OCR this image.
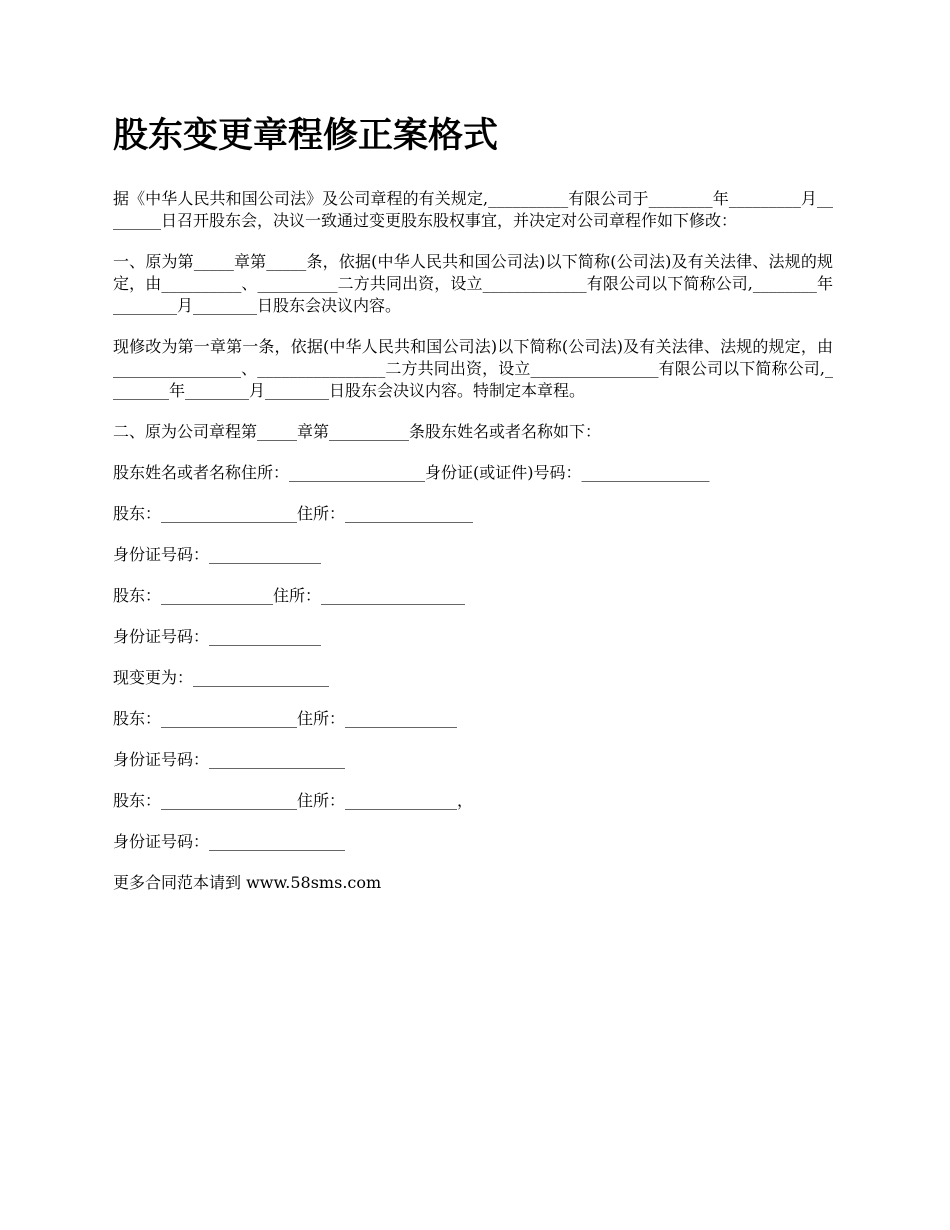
股东变更章程修正案格式

据《中华人民共和国公司法》及公司章程的有关规定,__________有限公司于________年_________月________日召开股东会，决议一致通过变更股东股权事宜，并决定对公司章程作如下修改：

一、原为第_____章第_____条，依据(中华人民共和国公司法)以下简称(公司法)及有关法律、法规的规定，由__________、__________二方共同出资，设立_____________有限公司以下简称公司,________年________月________日股东会决议内容。

现修改为第一章第一条，依据(中华人民共和国公司法)以下简称(公司法)及有关法律、法规的规定，由________________、________________二方共同出资，设立________________有限公司以下简称公司,________年________月________日股东会决议内容。特制定本章程。

二、原为公司章程第_____章第__________条股东姓名或者名称如下：

股东姓名或者名称住所：_________________身份证(或证件)号码：________________

股东：_________________住所：________________

身份证号码：______________

股东：______________住所：__________________

身份证号码：______________

现变更为：_________________

股东：_________________住所：______________

身份证号码：_________________

股东：_________________住所：______________，

身份证号码：_________________

更多合同范本请到 www.58sms.com
